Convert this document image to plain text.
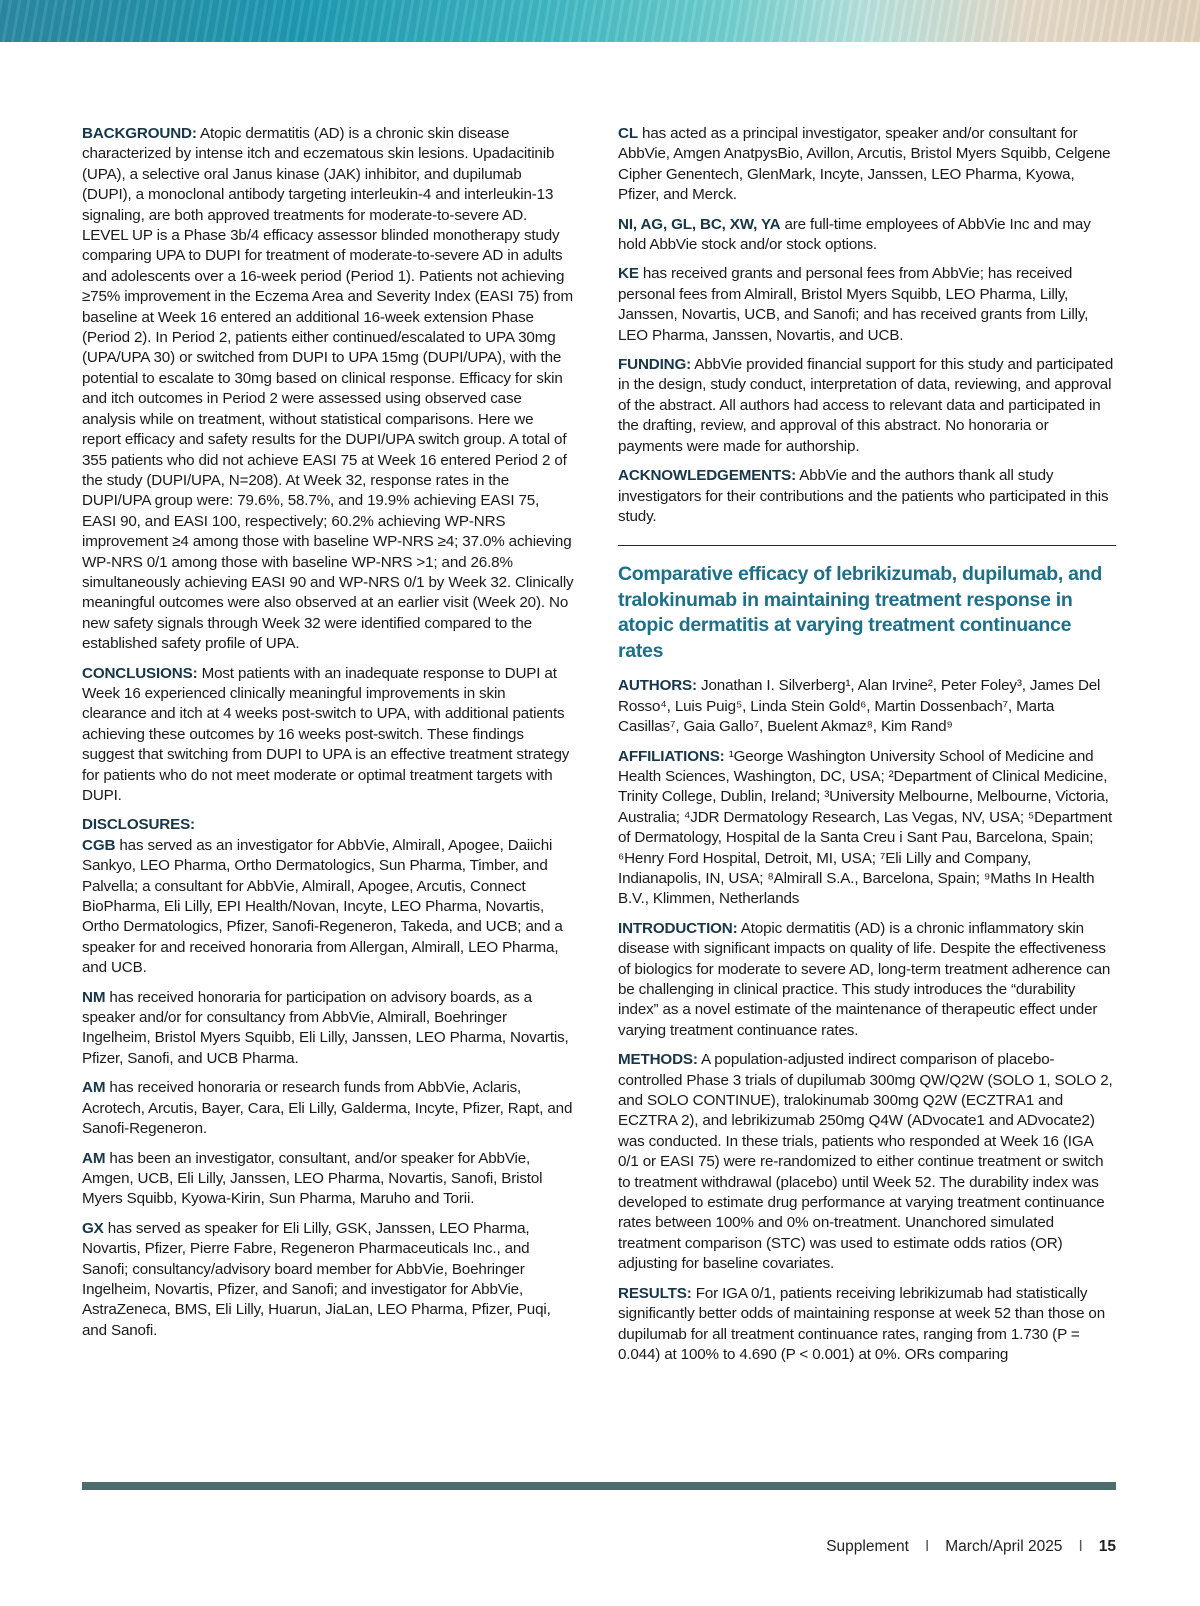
BACKGROUND: Atopic dermatitis (AD) is a chronic skin disease characterized by intense itch and eczematous skin lesions. Upadacitinib (UPA), a selective oral Janus kinase (JAK) inhibitor, and dupilumab (DUPI), a monoclonal antibody targeting interleukin-4 and interleukin-13 signaling, are both approved treatments for moderate-to-severe AD. LEVEL UP is a Phase 3b/4 efficacy assessor blinded monotherapy study comparing UPA to DUPI for treatment of moderate-to-severe AD in adults and adolescents over a 16-week period (Period 1). Patients not achieving ≥75% improvement in the Eczema Area and Severity Index (EASI 75) from baseline at Week 16 entered an additional 16-week extension Phase (Period 2). In Period 2, patients either continued/escalated to UPA 30mg (UPA/UPA 30) or switched from DUPI to UPA 15mg (DUPI/UPA), with the potential to escalate to 30mg based on clinical response. Efficacy for skin and itch outcomes in Period 2 were assessed using observed case analysis while on treatment, without statistical comparisons. Here we report efficacy and safety results for the DUPI/UPA switch group. A total of 355 patients who did not achieve EASI 75 at Week 16 entered Period 2 of the study (DUPI/UPA, N=208). At Week 32, response rates in the DUPI/UPA group were: 79.6%, 58.7%, and 19.9% achieving EASI 75, EASI 90, and EASI 100, respectively; 60.2% achieving WP-NRS improvement ≥4 among those with baseline WP-NRS ≥4; 37.0% achieving WP-NRS 0/1 among those with baseline WP-NRS >1; and 26.8% simultaneously achieving EASI 90 and WP-NRS 0/1 by Week 32. Clinically meaningful outcomes were also observed at an earlier visit (Week 20). No new safety signals through Week 32 were identified compared to the established safety profile of UPA.

CONCLUSIONS: Most patients with an inadequate response to DUPI at Week 16 experienced clinically meaningful improvements in skin clearance and itch at 4 weeks post-switch to UPA, with additional patients achieving these outcomes by 16 weeks post-switch. These findings suggest that switching from DUPI to UPA is an effective treatment strategy for patients who do not meet moderate or optimal treatment targets with DUPI.

DISCLOSURES:

CGB has served as an investigator for AbbVie, Almirall, Apogee, Daiichi Sankyo, LEO Pharma, Ortho Dermatologics, Sun Pharma, Timber, and Palvella; a consultant for AbbVie, Almirall, Apogee, Arcutis, Connect BioPharma, Eli Lilly, EPI Health/Novan, Incyte, LEO Pharma, Novartis, Ortho Dermatologics, Pfizer, Sanofi-Regeneron, Takeda, and UCB; and a speaker for and received honoraria from Allergan, Almirall, LEO Pharma, and UCB.

NM has received honoraria for participation on advisory boards, as a speaker and/or for consultancy from AbbVie, Almirall, Boehringer Ingelheim, Bristol Myers Squibb, Eli Lilly, Janssen, LEO Pharma, Novartis, Pfizer, Sanofi, and UCB Pharma.

AM has received honoraria or research funds from AbbVie, Aclaris, Acrotech, Arcutis, Bayer, Cara, Eli Lilly, Galderma, Incyte, Pfizer, Rapt, and Sanofi-Regeneron.

AM has been an investigator, consultant, and/or speaker for AbbVie, Amgen, UCB, Eli Lilly, Janssen, LEO Pharma, Novartis, Sanofi, Bristol Myers Squibb, Kyowa-Kirin, Sun Pharma, Maruho and Torii.

GX has served as speaker for Eli Lilly, GSK, Janssen, LEO Pharma, Novartis, Pfizer, Pierre Fabre, Regeneron Pharmaceuticals Inc., and Sanofi; consultancy/advisory board member for AbbVie, Boehringer Ingelheim, Novartis, Pfizer, and Sanofi; and investigator for AbbVie, AstraZeneca, BMS, Eli Lilly, Huarun, JiaLan, LEO Pharma, Pfizer, Puqi, and Sanofi.

CL has acted as a principal investigator, speaker and/or consultant for AbbVie, Amgen AnatpysBio, Avillon, Arcutis, Bristol Myers Squibb, Celgene Cipher Genentech, GlenMark, Incyte, Janssen, LEO Pharma, Kyowa, Pfizer, and Merck.

NI, AG, GL, BC, XW, YA are full-time employees of AbbVie Inc and may hold AbbVie stock and/or stock options.

KE has received grants and personal fees from AbbVie; has received personal fees from Almirall, Bristol Myers Squibb, LEO Pharma, Lilly, Janssen, Novartis, UCB, and Sanofi; and has received grants from Lilly, LEO Pharma, Janssen, Novartis, and UCB.

FUNDING: AbbVie provided financial support for this study and participated in the design, study conduct, interpretation of data, reviewing, and approval of the abstract. All authors had access to relevant data and participated in the drafting, review, and approval of this abstract. No honoraria or payments were made for authorship.

ACKNOWLEDGEMENTS: AbbVie and the authors thank all study investigators for their contributions and the patients who participated in this study.

Comparative efficacy of lebrikizumab, dupilumab, and tralokinumab in maintaining treatment response in atopic dermatitis at varying treatment continuance rates

AUTHORS: Jonathan I. Silverberg¹, Alan Irvine², Peter Foley³, James Del Rosso⁴, Luis Puig⁵, Linda Stein Gold⁶, Martin Dossenbach⁷, Marta Casillas⁷, Gaia Gallo⁷, Buelent Akmaz⁸, Kim Rand⁹

AFFILIATIONS: ¹George Washington University School of Medicine and Health Sciences, Washington, DC, USA; ²Department of Clinical Medicine, Trinity College, Dublin, Ireland; ³University Melbourne, Melbourne, Victoria, Australia; ⁴JDR Dermatology Research, Las Vegas, NV, USA; ⁵Department of Dermatology, Hospital de la Santa Creu i Sant Pau, Barcelona, Spain; ⁶Henry Ford Hospital, Detroit, MI, USA; ⁷Eli Lilly and Company, Indianapolis, IN, USA; ⁸Almirall S.A., Barcelona, Spain; ⁹Maths In Health B.V., Klimmen, Netherlands

INTRODUCTION: Atopic dermatitis (AD) is a chronic inflammatory skin disease with significant impacts on quality of life. Despite the effectiveness of biologics for moderate to severe AD, long-term treatment adherence can be challenging in clinical practice. This study introduces the “durability index” as a novel estimate of the maintenance of therapeutic effect under varying treatment continuance rates.

METHODS: A population-adjusted indirect comparison of placebo-controlled Phase 3 trials of dupilumab 300mg QW/Q2W (SOLO 1, SOLO 2, and SOLO CONTINUE), tralokinumab 300mg Q2W (ECZTRA1 and ECZTRA 2), and lebrikizumab 250mg Q4W (ADvocate1 and ADvocate2) was conducted. In these trials, patients who responded at Week 16 (IGA 0/1 or EASI 75) were re-randomized to either continue treatment or switch to treatment withdrawal (placebo) until Week 52. The durability index was developed to estimate drug performance at varying treatment continuance rates between 100% and 0% on-treatment. Unanchored simulated treatment comparison (STC) was used to estimate odds ratios (OR) adjusting for baseline covariates.

RESULTS: For IGA 0/1, patients receiving lebrikizumab had statistically significantly better odds of maintaining response at week 52 than those on dupilumab for all treatment continuance rates, ranging from 1.730 (P = 0.044) at 100% to 4.690 (P < 0.001) at 0%. ORs comparing

Supplement I March/April 2025 I 15
